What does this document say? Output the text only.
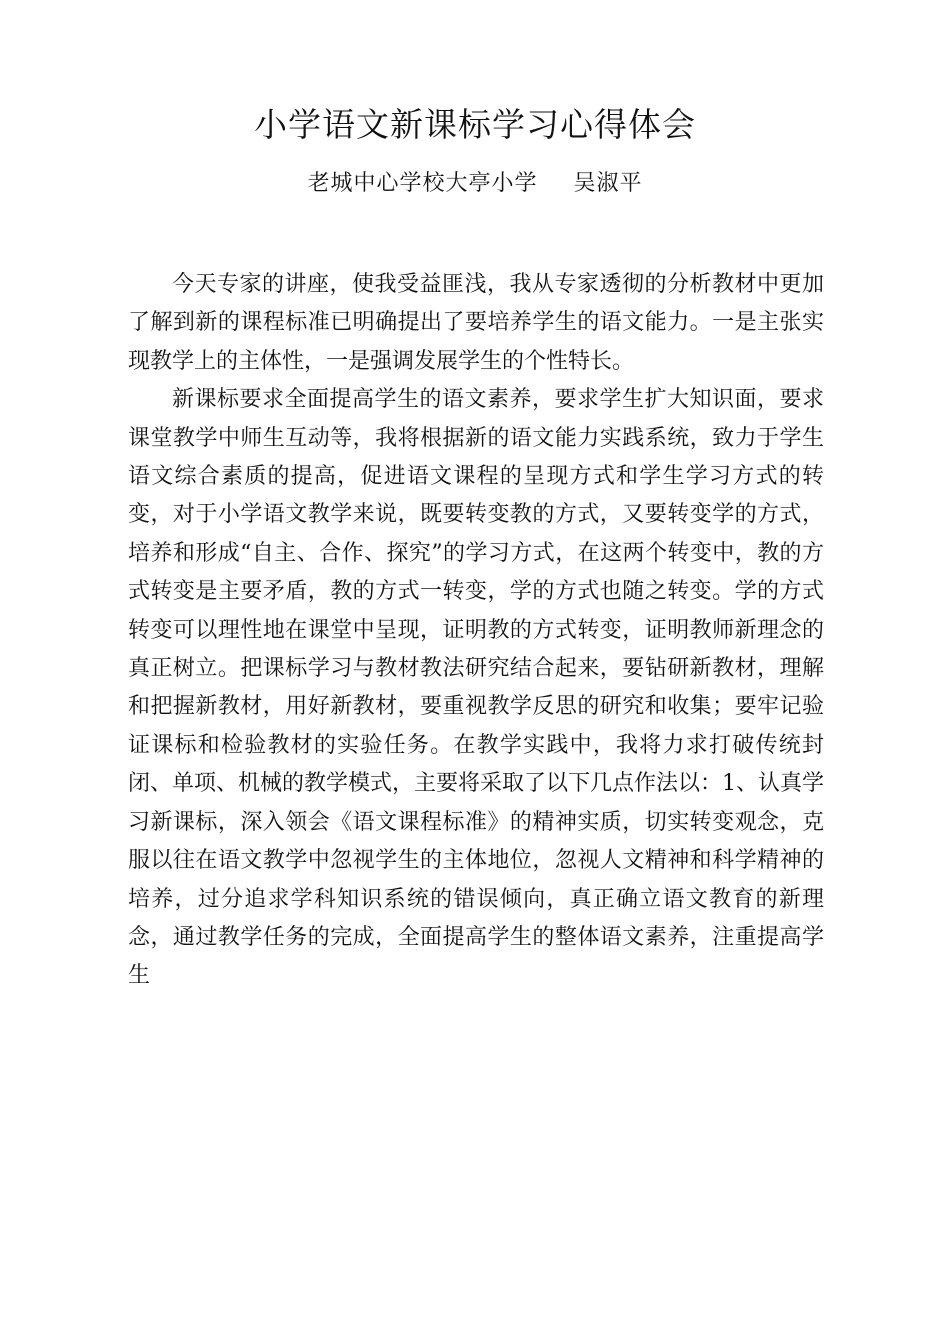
小学语文新课标学习心得体会
老城中心学校大亭小学 吴淑平

今天专家的讲座，使我受益匪浅，我从专家透彻的分析教材中更加了解到新的课程标准已明确提出了要培养学生的语文能力。一是主张实现教学上的主体性，一是强调发展学生的个性特长。

新课标要求全面提高学生的语文素养，要求学生扩大知识面，要求课堂教学中师生互动等，我将根据新的语文能力实践系统，致力于学生语文综合素质的提高，促进语文课程的呈现方式和学生学习方式的转变，对于小学语文教学来说，既要转变教的方式，又要转变学的方式，培养和形成“自主、合作、探究”的学习方式，在这两个转变中，教的方式转变是主要矛盾，教的方式一转变，学的方式也随之转变。学的方式转变可以理性地在课堂中呈现，证明教的方式转变，证明教师新理念的真正树立。把课标学习与教材教法研究结合起来，要钻研新教材，理解和把握新教材，用好新教材，要重视教学反思的研究和收集；要牢记验证课标和检验教材的实验任务。在教学实践中，我将力求打破传统封闭、单项、机械的教学模式，主要将采取了以下几点作法以：1、认真学习新课标，深入领会《语文课程标准》的精神实质，切实转变观念，克服以往在语文教学中忽视学生的主体地位，忽视人文精神和科学精神的培养，过分追求学科知识系统的错误倾向，真正确立语文教育的新理念，通过教学任务的完成，全面提高学生的整体语文素养，注重提高学生
